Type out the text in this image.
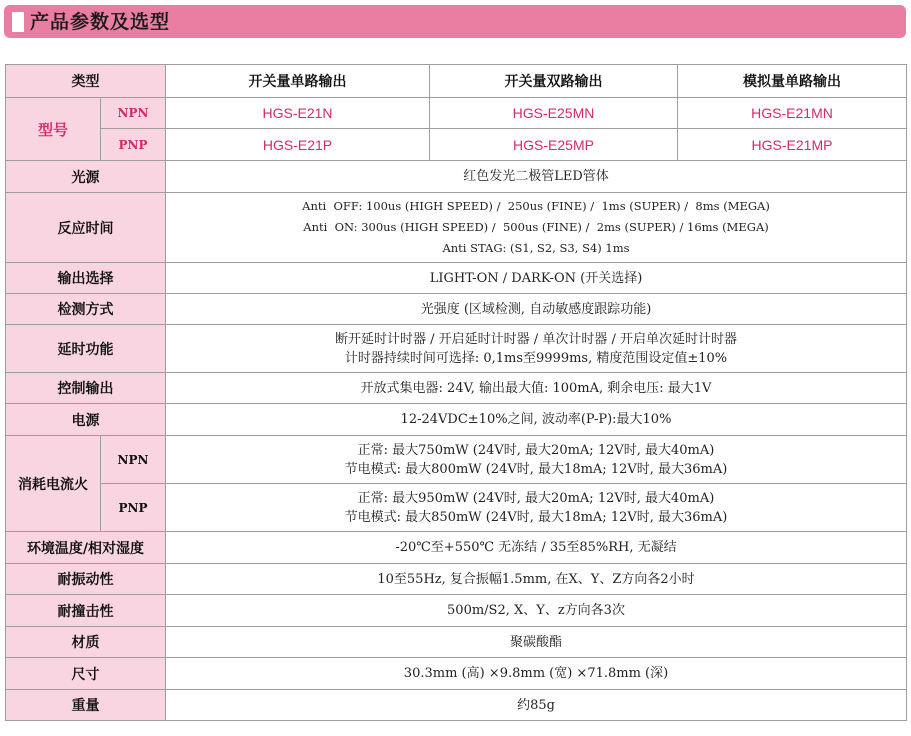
产品参数及选型
类型		开关量单路输出	开关量双路输出	模拟量单路输出
型号	NPN	HGS-E21N	HGS-E25MN	HGS-E21MN
	PNP	HGS-E21P	HGS-E25MP	HGS-E21MP
光源		红色发光二极管LED管体		
反应时间		Anti  OFF: 100us (HIGH SPEED) /  250us (FINE) /  1ms (SUPER) /  8ms (MEGA)
Anti  ON: 300us (HIGH SPEED) /  500us (FINE) /  2ms (SUPER) / 16ms (MEGA)
Anti STAG: (S1, S2, S3, S4) 1ms		

输出选择		LIGHT-ON / DARK-ON (开关选择)		
检测方式		光强度 (区域检测, 自动敏感度跟踪功能)		
延时功能		断开延时计时器 / 开启延时计时器 / 单次计时器 / 开启单次延时计时器
计时器持续时间可选择: 0,1ms至9999ms, 精度范围设定值±10%		

控制输出		开放式集电器: 24V, 输出最大值: 100mA, 剩余电压: 最大1V		
电源		12-24VDC±10%之间, 波动率(P-P):最大10%		
消耗电流火	NPN	正常: 最大750mW (24V时, 最大20mA; 12V时, 最大40mA)
节电模式: 最大800mW (24V时, 最大18mA; 12V时, 最大36mA)		

	PNP	正常: 最大950mW (24V时, 最大20mA; 12V时, 最大40mA)
节电模式: 最大850mW (24V时, 最大18mA; 12V时, 最大36mA)		

环境温度/相对湿度		-20℃至+550℃ 无冻结 / 35至85%RH, 无凝结		
耐振动性		10至55Hz, 复合振幅1.5mm, 在X、Y、Z方向各2小时		
耐撞击性		500m/S2, X、Y、z方向各3次		
材质		聚碳酸酯		
尺寸		30.3mm (高) ×9.8mm (宽) ×71.8mm (深)		
重量		约85g		
